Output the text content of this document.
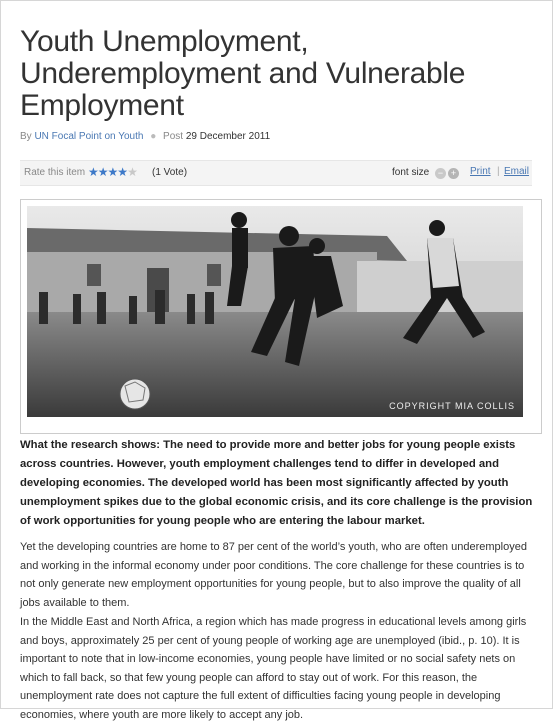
Youth Unemployment, Underemployment and Vulnerable Employment
By UN Focal Point on Youth ● Post 29 December 2011
Rate this item ★★★★★ (1 Vote)	font size − + Print | Email
COPYRIGHT MIA COLLIS

What the research shows: The need to provide more and better jobs for young people exists across countries. However, youth employment challenges tend to differ in developed and developing economies. The developed world has been most significantly affected by youth unemployment spikes due to the global economic crisis, and its core challenge is the provision of work opportunities for young people who are entering the labour market.

Yet the developing countries are home to 87 per cent of the world’s youth, who are often underemployed and working in the informal economy under poor conditions. The core challenge for these countries is to not only generate new employment opportunities for young people, but to also improve the quality of all jobs available to them.

In the Middle East and North Africa, a region which has made progress in educational levels among girls and boys, approximately 25 per cent of young people of working age are unemployed (ibid., p. 10). It is important to note that in low-income economies, young people have limited or no social safety nets on which to fall back, so that few young people can afford to stay out of work. For this reason, the unemployment rate does not capture the full extent of difficulties facing young people in developing economies, where youth are more likely to accept any job.
